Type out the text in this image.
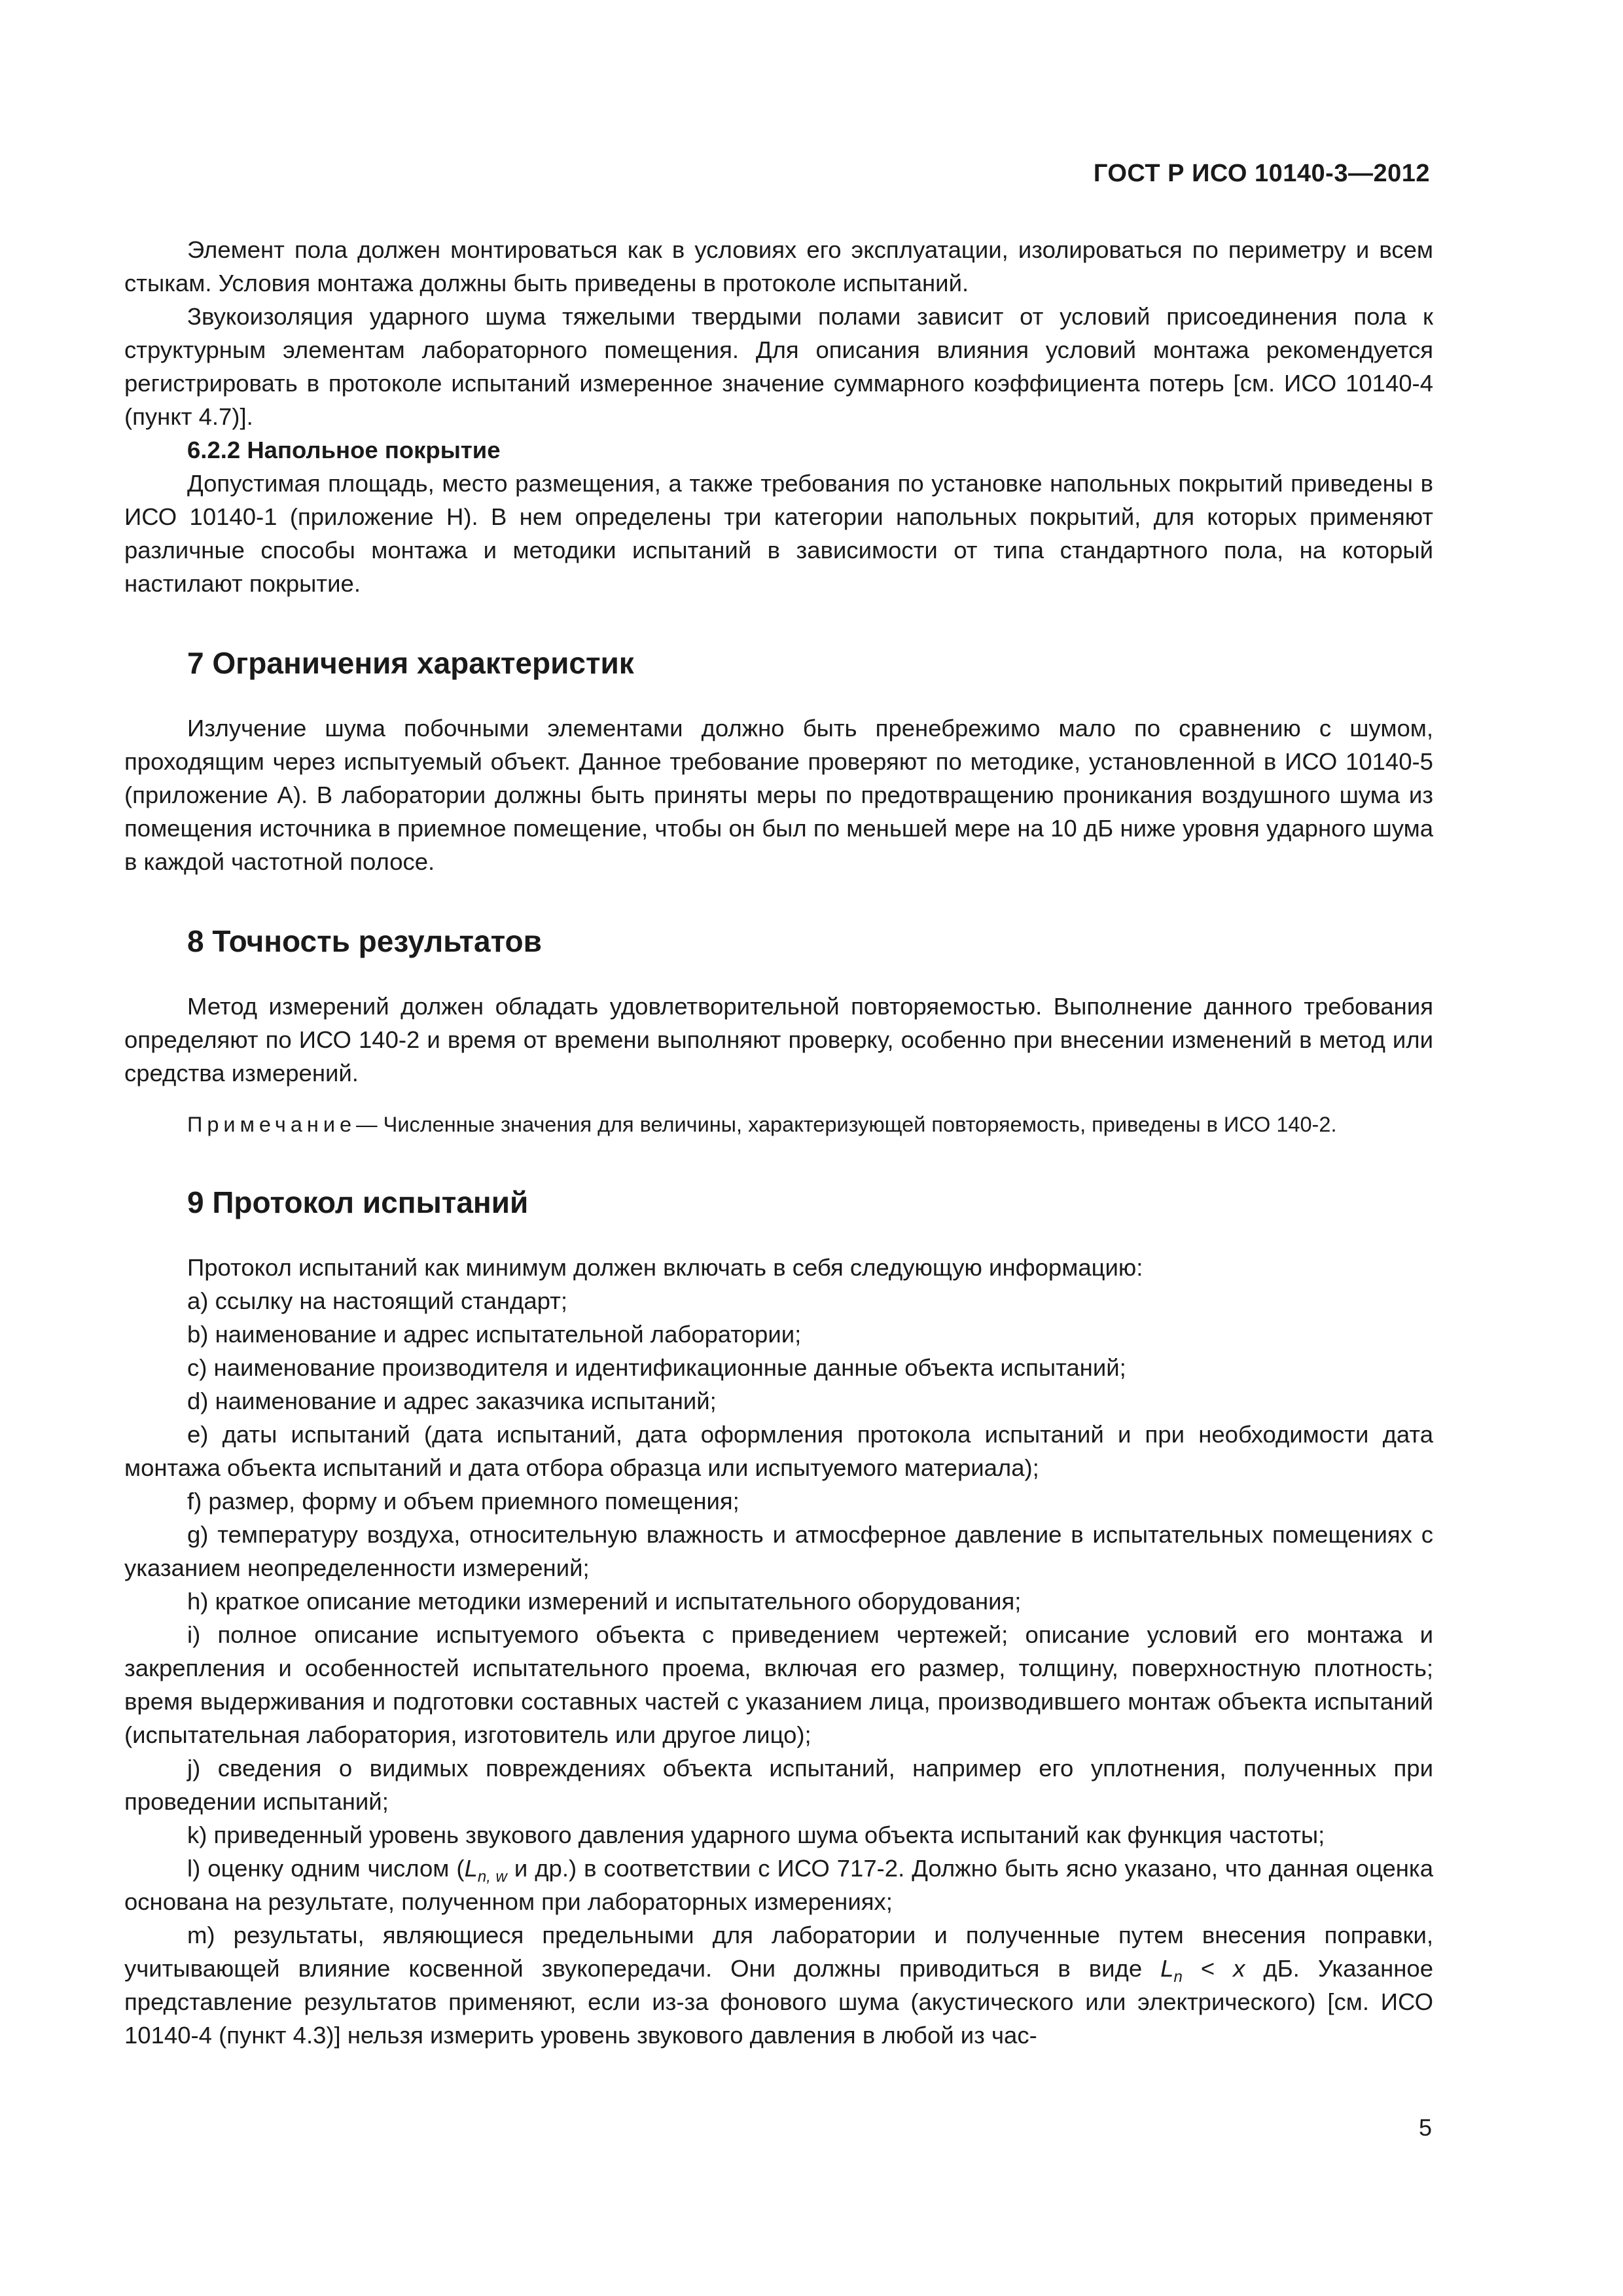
ГОСТ Р ИСО 10140-3—2012

Элемент пола должен монтироваться как в условиях его эксплуатации, изолироваться по периметру и всем стыкам. Условия монтажа должны быть приведены в протоколе испытаний.

Звукоизоляция ударного шума тяжелыми твердыми полами зависит от условий присоединения пола к структурным элементам лабораторного помещения. Для описания влияния условий монтажа рекомендуется регистрировать в протоколе испытаний измеренное значение суммарного коэффициента потерь [см. ИСО 10140-4 (пункт 4.7)].

6.2.2 Напольное покрытие

Допустимая площадь, место размещения, а также требования по установке напольных покрытий приведены в ИСО 10140-1 (приложение Н). В нем определены три категории напольных покрытий, для которых применяют различные способы монтажа и методики испытаний в зависимости от типа стандартного пола, на который настилают покрытие.

7 Ограничения характеристик

Излучение шума побочными элементами должно быть пренебрежимо мало по сравнению с шумом, проходящим через испытуемый объект. Данное требование проверяют по методике, установленной в ИСО 10140-5 (приложение А). В лаборатории должны быть приняты меры по предотвращению проникания воздушного шума из помещения источника в приемное помещение, чтобы он был по меньшей мере на 10 дБ ниже уровня ударного шума в каждой частотной полосе.

8 Точность результатов

Метод измерений должен обладать удовлетворительной повторяемостью. Выполнение данного требования определяют по ИСО 140-2 и время от времени выполняют проверку, особенно при внесении изменений в метод или средства измерений.

Примечание— Численные значения для величины, характеризующей повторяемость, приведены в ИСО 140-2.

9 Протокол испытаний

Протокол испытаний как минимум должен включать в себя следующую информацию:

a) ссылку на настоящий стандарт;

b) наименование и адрес испытательной лаборатории;

c) наименование производителя и идентификационные данные объекта испытаний;

d) наименование и адрес заказчика испытаний;

e) даты испытаний (дата испытаний, дата оформления протокола испытаний и при необходимости дата монтажа объекта испытаний и дата отбора образца или испытуемого материала);

f) размер, форму и объем приемного помещения;

g) температуру воздуха, относительную влажность и атмосферное давление в испытательных помещениях с указанием неопределенности измерений;

h) краткое описание методики измерений и испытательного оборудования;

i) полное описание испытуемого объекта с приведением чертежей; описание условий его монтажа и закрепления и особенностей испытательного проема, включая его размер, толщину, поверхностную плотность; время выдерживания и подготовки составных частей с указанием лица, производившего монтаж объекта испытаний (испытательная лаборатория, изготовитель или другое лицо);

j) сведения о видимых повреждениях объекта испытаний, например его уплотнения, полученных при проведении испытаний;

k) приведенный уровень звукового давления ударного шума объекта испытаний как функция частоты;

l) оценку одним числом ($L_{n, w}$ и др.) в соответствии с ИСО 717-2. Должно быть ясно указано, что данная оценка основана на результате, полученном при лабораторных измерениях;

m) результаты, являющиеся предельными для лаборатории и полученные путем внесения поправки, учитывающей влияние косвенной звукопередачи. Они должны приводиться в виде $L_n < x$ дБ. Указанное представление результатов применяют, если из-за фонового шума (акустического или электрического) [см. ИСО 10140-4 (пункт 4.3)] нельзя измерить уровень звукового давления в любой из час-

5
